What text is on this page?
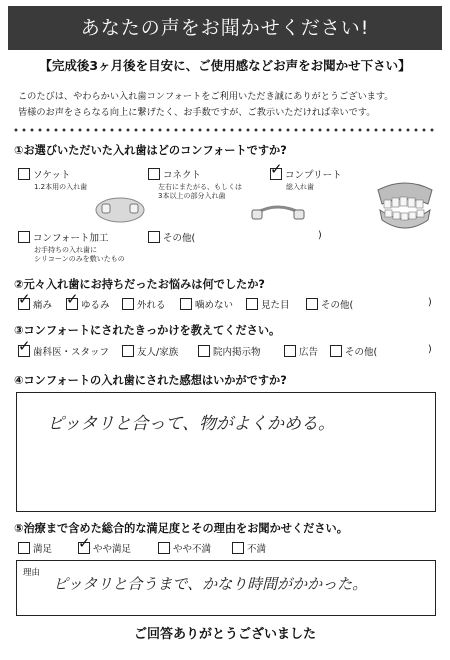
あなたの声をお聞かせください!
【完成後3ヶ月後を目安に、ご使用感などお声をお聞かせ下さい】
このたびは、やわらかい入れ歯コンフォートをご利用いただき誠にありがとうございます。
皆様のお声をさらなる向上に繋げたく、お手数ですが、ご教示いただければ幸いです。
①お選びいただいた入れ歯はどのコンフォートですか?
ソケット
1.2本用の入れ歯
コネクト
左右にまたがる、もしくは
3本以上の部分入れ歯
✓ コンプリート
総入れ歯
コンフォート加工
お手持ちの入れ歯に
シリコーンのみを敷いたもの
その他(	)
②元々入れ歯にお持ちだったお悩みは何でしたか?
✓ 痛み ✓ ゆるみ	外れる	噛めない	見た目	その他(	)
③コンフォートにされたきっかけを教えてください。
✓ 歯科医・スタッフ	友人/家族	院内掲示物	広告	その他(	)
④コンフォートの入れ歯にされた感想はいかがですか?
ピッタリと合って、物がよくかめる。
⑤治療まで含めた総合的な満足度とその理由をお聞かせください。
満足 ✓ やや満足	やや不満	不満
理由
ピッタリと合うまで、かなり時間がかかった。
ご回答ありがとうございました
